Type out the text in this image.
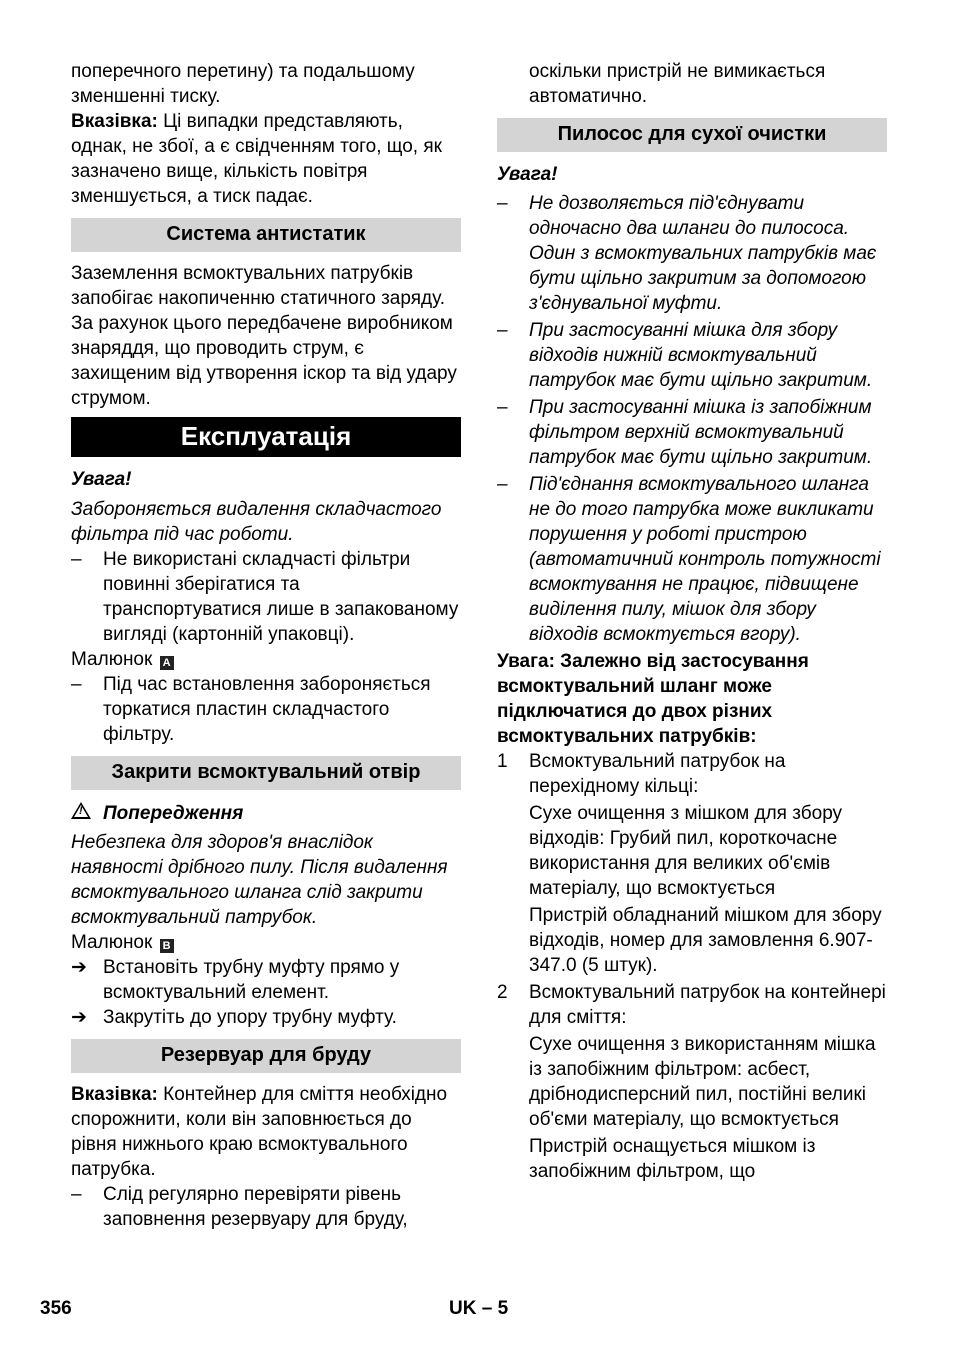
поперечного перетину) та подальшому

зменшенні тиску.

Вказівка: Ці випадки представляють, однак, не збої, а є свідченням того, що, як зазначено вище, кількість повітря зменшується, а тиск падає.

Система антистатик

Заземлення всмоктувальних патрубків запобігає накопиченню статичного заряду. За рахунок цього передбачене виробником знаряддя, що проводить струм, є захищеним від утворення іскор та від удару струмом.

Експлуатація

Увага!

Забороняється видалення складчастого фільтра під час роботи.

–	Не використані складчасті фільтри повинні зберігатися та транспортуватися лише в запакованому вигляді (картонній упаковці).

Малюнок A

–	Під час встановлення забороняється торкатися пластин складчастого фільтру.
Закрити всмоктувальний отвір

!Попередження

Небезпека для здоров'я внаслідок наявності дрібного пилу. Після видалення всмоктувального шланга слід закрити всмоктувальний патрубок.

Малюнок B

➔ Встановіть трубну муфту прямо у всмоктувальний елемент.
➔ Закрутіть до упору трубну муфту.
Резервуар для бруду

Вказівка: Контейнер для сміття необхідно спорожнити, коли він заповнюється до рівня нижнього краю всмоктувального патрубка.

–	Слід регулярно перевіряти рівень заповнення резервуару для бруду,

оскільки пристрій не вимикається автоматично.

Пилосос для сухої очистки

Увага!

–	Не дозволяється під'єднувати одночасно два шланги до пилососа. Один з всмоктувальних патрубків має бути щільно закритим за допомогою з'єднувальної муфти.
–	При застосуванні мішка для збору відходів нижній всмоктувальний патрубок має бути щільно закритим.
–	При застосуванні мішка із запобіжним фільтром верхній всмоктувальний патрубок має бути щільно закритим.
–	Під'єднання всмоктувального шланга не до того патрубка може викликати порушення у роботі пристрою (автоматичний контроль потужності всмоктування не працює, підвищене виділення пилу, мішок для збору відходів всмоктується вгору).

Увага: Залежно від застосування всмоктувальний шланг може підключатися до двох різних всмоктувальних патрубків:

1	Всмоктувальний патрубок на перехідному кільці:

Сухе очищення з мішком для збору відходів: Грубий пил, короткочасне використання для великих об'ємів матеріалу, що всмоктується

Пристрій обладнаний мішком для збору відходів, номер для замовлення 6.907-347.0 (5 штук).

2	Всмоктувальний патрубок на контейнері для сміття:

Сухе очищення з використанням мішка із запобіжним фільтром: асбест, дрібнодисперсний пил, постійні великі об'єми матеріалу, що всмоктується

Пристрій оснащується мішком із запобіжним фільтром, що

356	UK – 5
